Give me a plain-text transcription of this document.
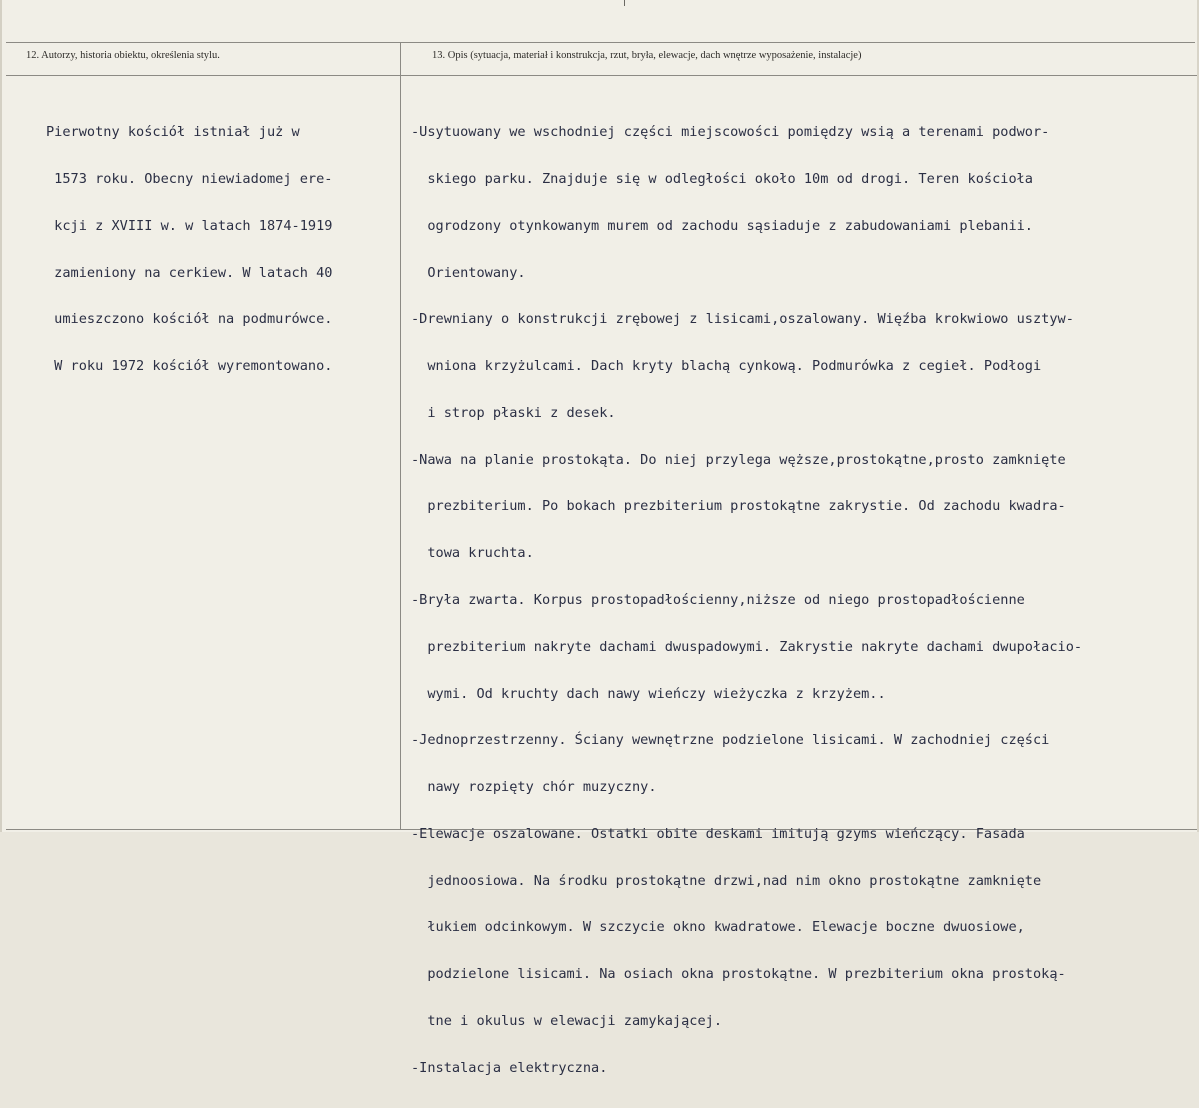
12. Autorzy, historia obiektu, określenia stylu.	13. Opis (sytuacja, materiał i konstrukcja, rzut, bryła, elewacje, dach wnętrze wyposażenie, instalacje)

Pierwotny kościół istniał już w

1573 roku. Obecny niewiadomej ere-

kcji z XVIII w. w latach 1874-1919

zamieniony na cerkiew. W latach 40

umieszczono kościół na podmurówce.

W roku 1972 kościół wyremontowano.

-Usytuowany we wschodniej części miejscowości pomiędzy wsią a terenami podwor-

skiego parku. Znajduje się w odległości około 10m od drogi. Teren kościoła

ogrodzony otynkowanym murem od zachodu sąsiaduje z zabudowaniami plebanii.

Orientowany.

-Drewniany o konstrukcji zrębowej z lisicami,oszalowany. Więźba krokwiowo usztyw-

wniona krzyżulcami. Dach kryty blachą cynkową. Podmurówka z cegieł. Podłogi

i strop płaski z desek.

-Nawa na planie prostokąta. Do niej przylega węższe,prostokątne,prosto zamknięte

prezbiterium. Po bokach prezbiterium prostokątne zakrystie. Od zachodu kwadra-

towa kruchta.

-Bryła zwarta. Korpus prostopadłościenny,niższe od niego prostopadłościenne

prezbiterium nakryte dachami dwuspadowymi. Zakrystie nakryte dachami dwupołacio-

wymi. Od kruchty dach nawy wieńczy wieżyczka z krzyżem..

-Jednoprzestrzenny. Ściany wewnętrzne podzielone lisicami. W zachodniej części

nawy rozpięty chór muzyczny.

-Elewacje oszalowane. Ostatki obite deskami imitują gzyms wieńczący. Fasada

jednoosiowa. Na środku prostokątne drzwi,nad nim okno prostokątne zamknięte

łukiem odcinkowym. W szczycie okno kwadratowe. Elewacje boczne dwuosiowe,

podzielone lisicami. Na osiach okna prostokątne. W prezbiterium okna prostoką-

tne i okulus w elewacji zamykającej.

-Instalacja elektryczna.
